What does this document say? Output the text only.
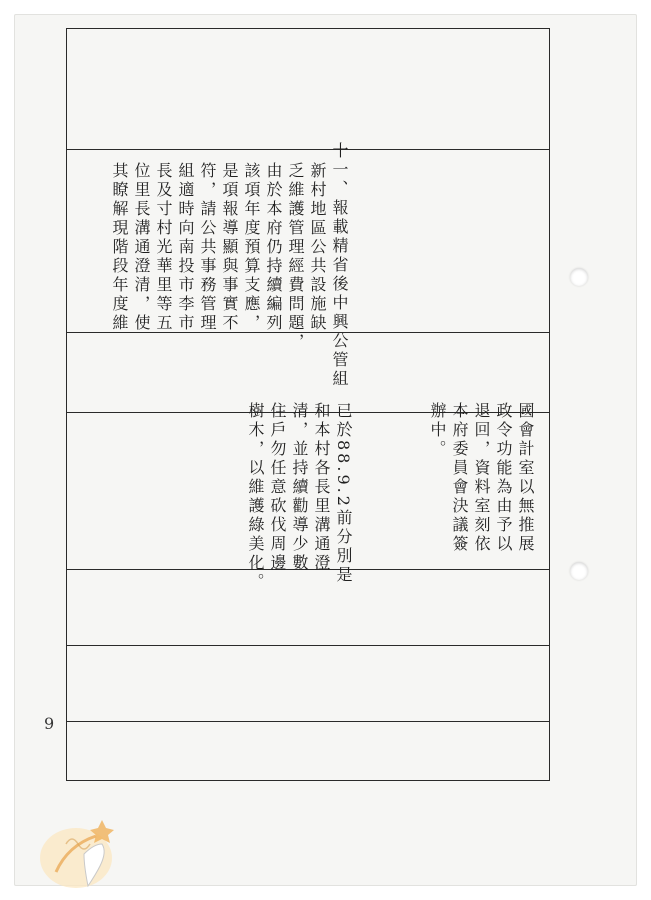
十一、報載精省後中興公管組
新村地區公共設施缺
乏維護管理經費問題，
由於本府仍持續編列
該項年度預算支應，
是項報導顯與事實不
符，請公共事務管理
組適時向南投市李市
長及寸村光華里等五
位里長溝通澄清，使
其瞭解現階段年度維
已於88.9.2前分別是
和本村各長里溝通澄
清，並持續勸導少數
住戶勿任意砍伐周邊
樹木，以維護綠美化。	國會計室以無推展
政令功能為由予以
退回，資料室刻依
本府委員會決議簽
辦中。
9
